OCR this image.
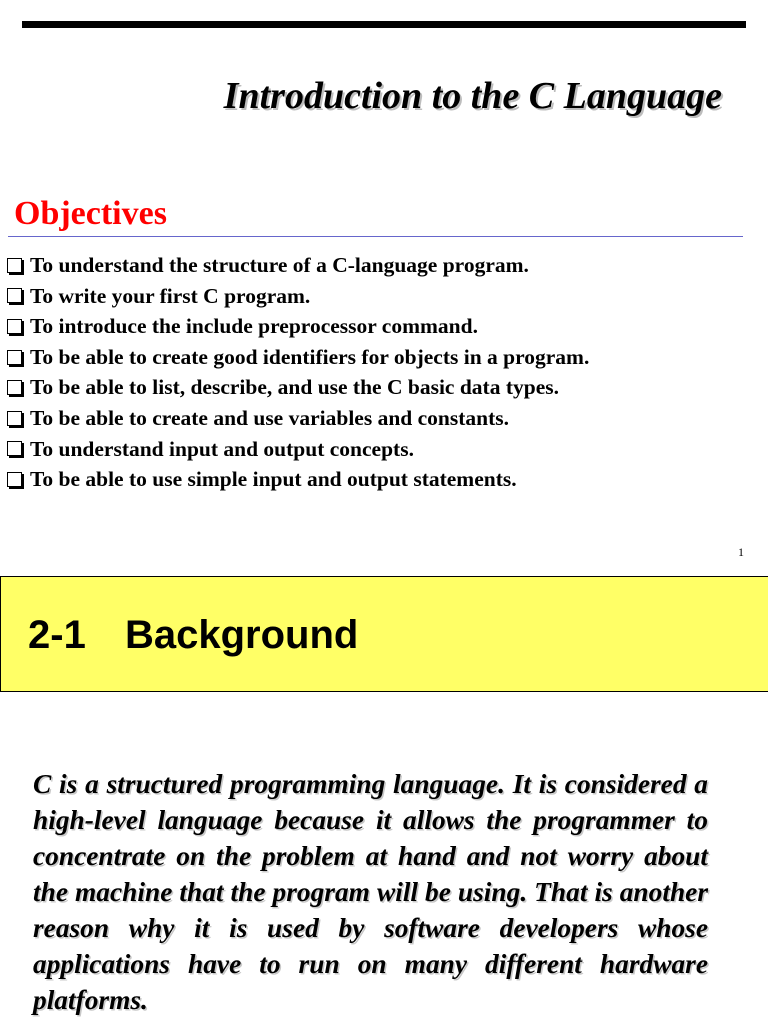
Introduction to the C Language
Objectives
To understand the structure of a C-language program.
To write your first C program.
To introduce the include preprocessor command.
To be able to create good identifiers for objects in a program.
To be able to list, describe, and use the C basic data types.
To be able to create and use variables and constants.
To understand input and output concepts.
To be able to use simple input and output statements.
1
2-1 Background
C is a structured programming language. It is considered a high-level language because it allows the programmer to concentrate on the problem at hand and not worry about the machine that the program will be using. That is another reason why it is used by software developers whose applications have to run on many different hardware platforms.
